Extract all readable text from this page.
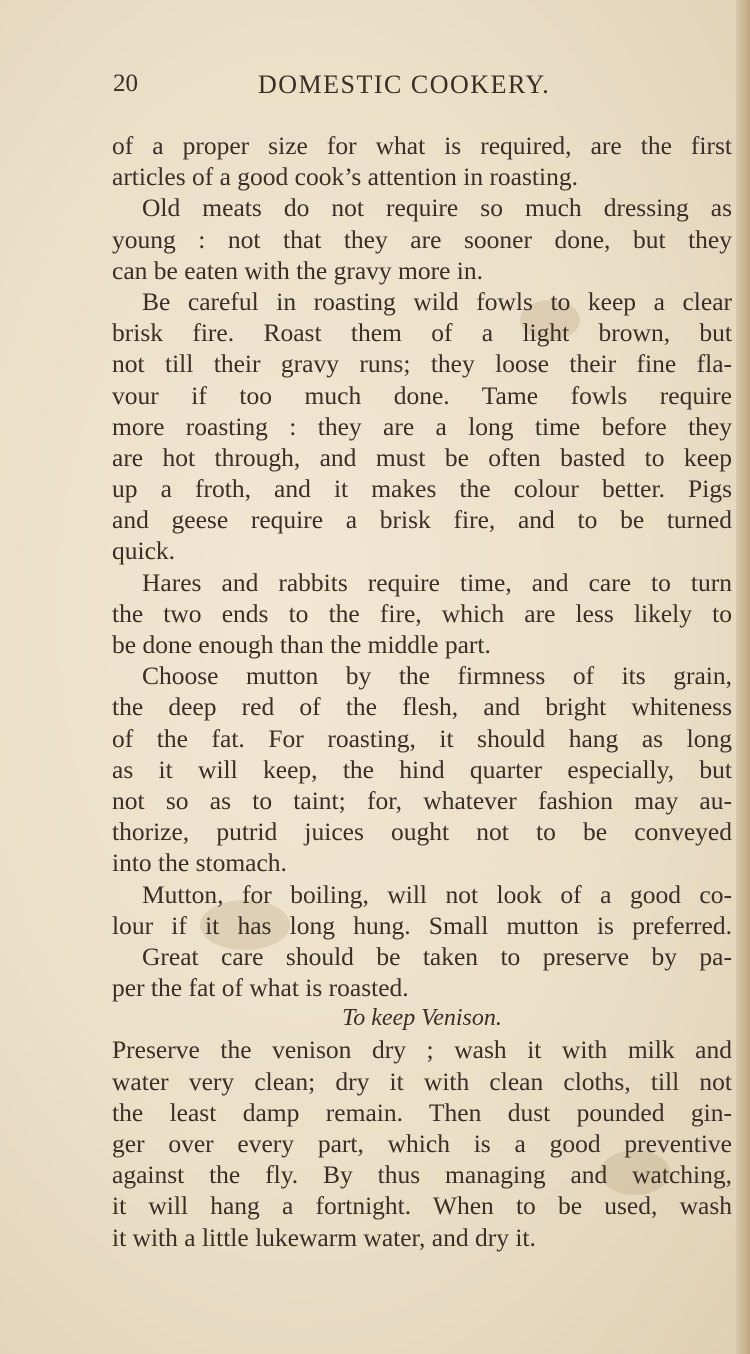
20	DOMESTIC COOKERY.
of a proper size for what is required, are the first
articles of a good cook’s attention in roasting.
Old meats do not require so much dressing as
young : not that they are sooner done, but they
can be eaten with the gravy more in.
Be careful in roasting wild fowls to keep a clear
brisk fire. Roast them of a light brown, but
not till their gravy runs; they loose their fine fla-
vour if too much done. Tame fowls require
more roasting : they are a long time before they
are hot through, and must be often basted to keep
up a froth, and it makes the colour better. Pigs
and geese require a brisk fire, and to be turned
quick.
Hares and rabbits require time, and care to turn
the two ends to the fire, which are less likely to
be done enough than the middle part.
Choose mutton by the firmness of its grain,
the deep red of the flesh, and bright whiteness
of the fat. For roasting, it should hang as long
as it will keep, the hind quarter especially, but
not so as to taint; for, whatever fashion may au-
thorize, putrid juices ought not to be conveyed
into the stomach.
Mutton, for boiling, will not look of a good co-
lour if it has long hung. Small mutton is preferred.
Great care should be taken to preserve by pa-
per the fat of what is roasted.
To keep Venison.
Preserve the venison dry ; wash it with milk and
water very clean; dry it with clean cloths, till not
the least damp remain. Then dust pounded gin-
ger over every part, which is a good preventive
against the fly. By thus managing and watching,
it will hang a fortnight. When to be used, wash
it with a little lukewarm water, and dry it.
